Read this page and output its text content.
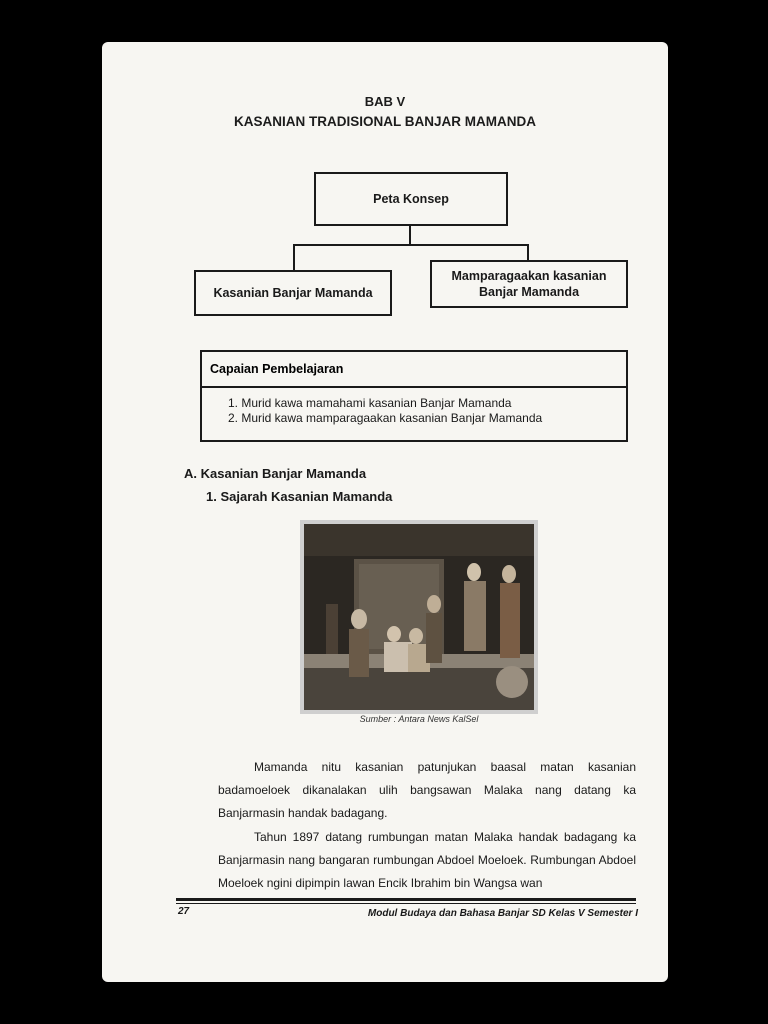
BAB V
KASANIAN TRADISIONAL BANJAR MAMANDA
Peta Konsep
Kasanian Banjar Mamanda
Mamparagaakan kasanian
Banjar Mamanda
Capaian Pembelajaran
1. Murid kawa mamahami kasanian Banjar Mamanda
2. Murid kawa mamparagaakan kasanian Banjar Mamanda
A. Kasanian Banjar Mamanda
1. Sajarah Kasanian Mamanda
Sumber : Antara News KalSel
Mamanda nitu kasanian patunjukan baasal matan kasanian badamoeloek dikanalakan ulih bangsawan Malaka nang datang ka Banjarmasin handak badagang.
Tahun 1897 datang rumbungan matan Malaka handak badagang ka Banjarmasin nang bangaran rumbungan Abdoel Moeloek. Rumbungan Abdoel Moeloek ngini dipimpin lawan Encik Ibrahim bin Wangsa wan
27	Modul Budaya dan Bahasa Banjar SD Kelas V Semester I
